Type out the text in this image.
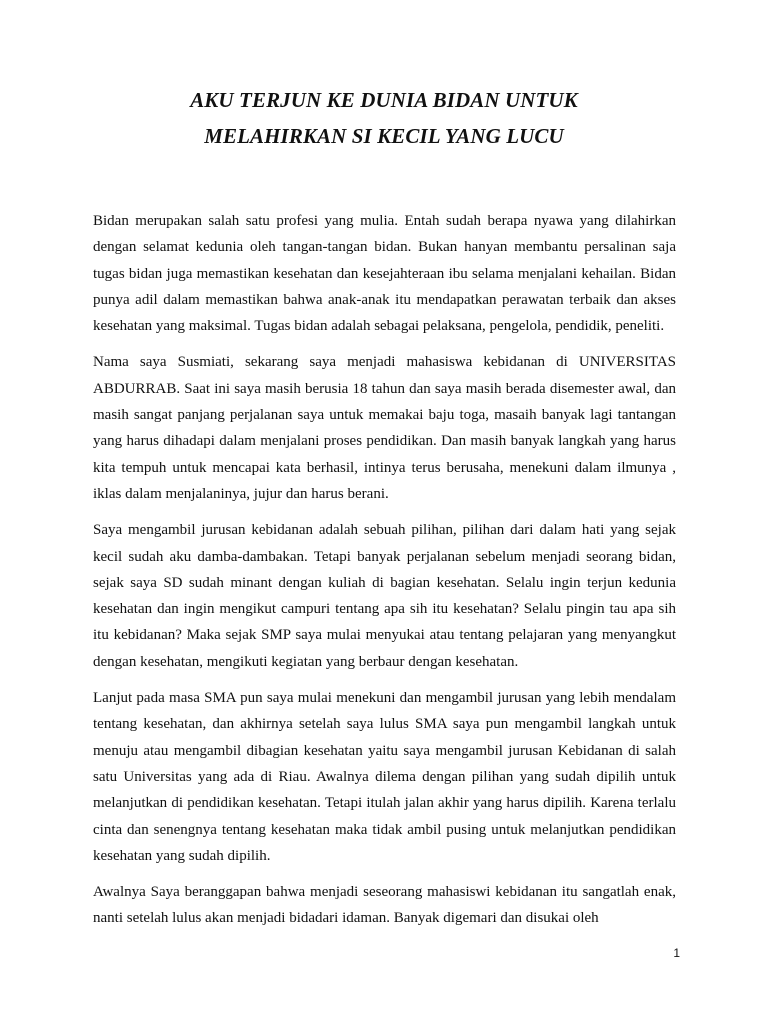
AKU TERJUN KE DUNIA BIDAN UNTUK
MELAHIRKAN SI KECIL YANG LUCU

Bidan merupakan salah satu profesi yang mulia. Entah sudah berapa nyawa yang dilahirkan dengan selamat kedunia oleh tangan-tangan bidan. Bukan hanyan membantu persalinan saja tugas bidan juga memastikan kesehatan dan kesejahteraan ibu selama menjalani kehailan. Bidan punya adil dalam memastikan bahwa anak-anak itu mendapatkan perawatan terbaik dan akses kesehatan yang maksimal. Tugas bidan adalah sebagai pelaksana, pengelola, pendidik, peneliti.

Nama saya Susmiati, sekarang saya menjadi mahasiswa kebidanan di UNIVERSITAS ABDURRAB. Saat ini saya masih berusia 18 tahun dan saya masih berada disemester awal, dan masih sangat panjang perjalanan saya untuk memakai baju toga, masaih banyak lagi tantangan yang harus dihadapi dalam menjalani proses pendidikan. Dan masih banyak langkah yang harus kita tempuh untuk mencapai kata berhasil, intinya terus berusaha, menekuni dalam ilmunya , iklas dalam menjalaninya, jujur dan harus berani.

Saya mengambil jurusan kebidanan adalah sebuah pilihan, pilihan dari dalam hati yang sejak kecil sudah aku damba-dambakan. Tetapi banyak perjalanan sebelum menjadi seorang bidan, sejak saya SD sudah minant dengan kuliah di bagian kesehatan. Selalu ingin terjun kedunia kesehatan dan ingin mengikut campuri tentang apa sih itu kesehatan? Selalu pingin tau apa sih itu kebidanan? Maka sejak SMP saya mulai menyukai atau tentang pelajaran yang menyangkut dengan kesehatan, mengikuti kegiatan yang berbaur dengan kesehatan.

Lanjut pada masa SMA pun saya mulai menekuni dan mengambil jurusan yang lebih mendalam tentang kesehatan, dan akhirnya setelah saya lulus SMA saya pun mengambil langkah untuk menuju atau mengambil dibagian kesehatan yaitu saya mengambil jurusan Kebidanan di salah satu Universitas yang ada di Riau. Awalnya dilema dengan pilihan yang sudah dipilih untuk melanjutkan di pendidikan kesehatan. Tetapi itulah jalan akhir yang harus dipilih. Karena terlalu cinta dan senengnya tentang kesehatan maka tidak ambil pusing untuk melanjutkan pendidikan kesehatan yang sudah dipilih.

Awalnya Saya beranggapan bahwa menjadi seseorang mahasiswi kebidanan itu sangatlah enak, nanti setelah lulus akan menjadi bidadari idaman. Banyak digemari dan disukai oleh

1
